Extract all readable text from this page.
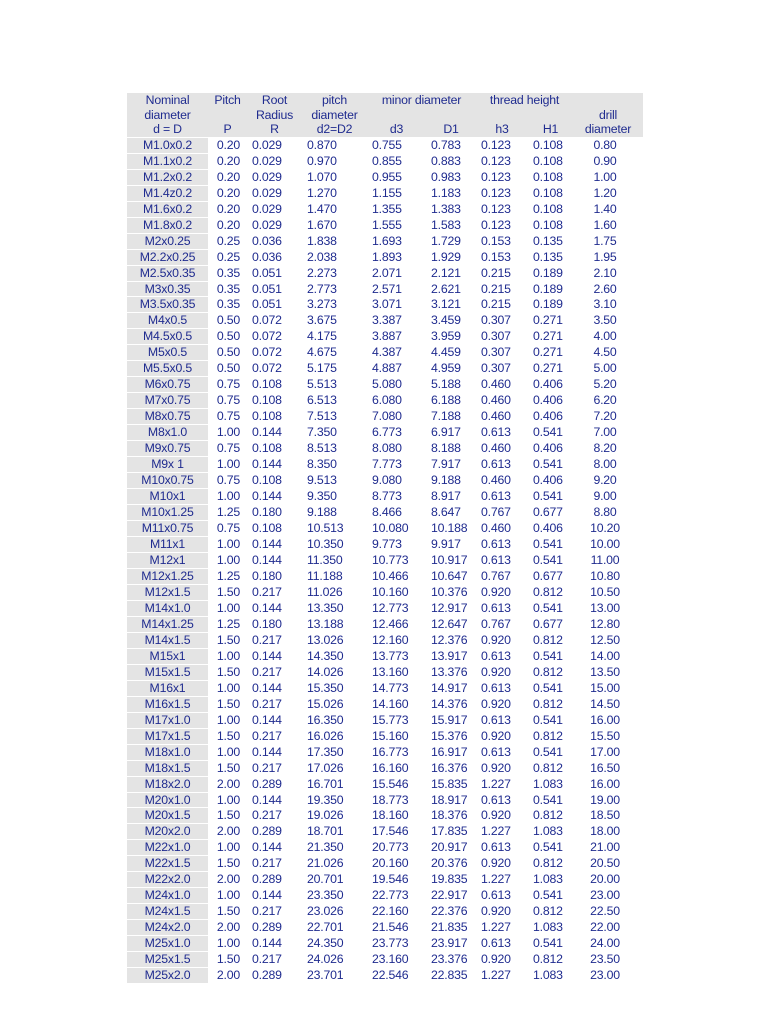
Nominal	Pitch	Root	pitch	minor diameter		thread height		
diameter		Radius	diameter					drill
d = D	P	R	d2=D2	d3	D1	h3	H1	diameter
M1.0x0.2	0.20	0.029	0.870	0.755	0.783	0.123	0.108	0.80
M1.1x0.2	0.20	0.029	0.970	0.855	0.883	0.123	0.108	0.90
M1.2x0.2	0.20	0.029	1.070	0.955	0.983	0.123	0.108	1.00
M1.4z0.2	0.20	0.029	1.270	1.155	1.183	0.123	0.108	1.20
M1.6x0.2	0.20	0.029	1.470	1.355	1.383	0.123	0.108	1.40
M1.8x0.2	0.20	0.029	1.670	1.555	1.583	0.123	0.108	1.60
M2x0.25	0.25	0.036	1.838	1.693	1.729	0.153	0.135	1.75
M2.2x0.25	0.25	0.036	2.038	1.893	1.929	0.153	0.135	1.95
M2.5x0.35	0.35	0.051	2.273	2.071	2.121	0.215	0.189	2.10
M3x0.35	0.35	0.051	2.773	2.571	2.621	0.215	0.189	2.60
M3.5x0.35	0.35	0.051	3.273	3.071	3.121	0.215	0.189	3.10
M4x0.5	0.50	0.072	3.675	3.387	3.459	0.307	0.271	3.50
M4.5x0.5	0.50	0.072	4.175	3.887	3.959	0.307	0.271	4.00
M5x0.5	0.50	0.072	4.675	4.387	4.459	0.307	0.271	4.50
M5.5x0.5	0.50	0.072	5.175	4.887	4.959	0.307	0.271	5.00
M6x0.75	0.75	0.108	5.513	5.080	5.188	0.460	0.406	5.20
M7x0.75	0.75	0.108	6.513	6.080	6.188	0.460	0.406	6.20
M8x0.75	0.75	0.108	7.513	7.080	7.188	0.460	0.406	7.20
M8x1.0	1.00	0.144	7.350	6.773	6.917	0.613	0.541	7.00
M9x0.75	0.75	0.108	8.513	8.080	8.188	0.460	0.406	8.20
M9x 1	1.00	0.144	8.350	7.773	7.917	0.613	0.541	8.00
M10x0.75	0.75	0.108	9.513	9.080	9.188	0.460	0.406	9.20
M10x1	1.00	0.144	9.350	8.773	8.917	0.613	0.541	9.00
M10x1.25	1.25	0.180	9.188	8.466	8.647	0.767	0.677	8.80
M11x0.75	0.75	0.108	10.513	10.080	10.188	0.460	0.406	10.20
M11x1	1.00	0.144	10.350	9.773	9.917	0.613	0.541	10.00
M12x1	1.00	0.144	11.350	10.773	10.917	0.613	0.541	11.00
M12x1.25	1.25	0.180	11.188	10.466	10.647	0.767	0.677	10.80
M12x1.5	1.50	0.217	11.026	10.160	10.376	0.920	0.812	10.50
M14x1.0	1.00	0.144	13.350	12.773	12.917	0.613	0.541	13.00
M14x1.25	1.25	0.180	13.188	12.466	12.647	0.767	0.677	12.80
M14x1.5	1.50	0.217	13.026	12.160	12.376	0.920	0.812	12.50
M15x1	1.00	0.144	14.350	13.773	13.917	0.613	0.541	14.00
M15x1.5	1.50	0.217	14.026	13.160	13.376	0.920	0.812	13.50
M16x1	1.00	0.144	15.350	14.773	14.917	0.613	0.541	15.00
M16x1.5	1.50	0.217	15.026	14.160	14.376	0.920	0.812	14.50
M17x1.0	1.00	0.144	16.350	15.773	15.917	0.613	0.541	16.00
M17x1.5	1.50	0.217	16.026	15.160	15.376	0.920	0.812	15.50
M18x1.0	1.00	0.144	17.350	16.773	16.917	0.613	0.541	17.00
M18x1.5	1.50	0.217	17.026	16.160	16.376	0.920	0.812	16.50
M18x2.0	2.00	0.289	16.701	15.546	15.835	1.227	1.083	16.00
M20x1.0	1.00	0.144	19.350	18.773	18.917	0.613	0.541	19.00
M20x1.5	1.50	0.217	19.026	18.160	18.376	0.920	0.812	18.50
M20x2.0	2.00	0.289	18.701	17.546	17.835	1.227	1.083	18.00
M22x1.0	1.00	0.144	21.350	20.773	20.917	0.613	0.541	21.00
M22x1.5	1.50	0.217	21.026	20.160	20.376	0.920	0.812	20.50
M22x2.0	2.00	0.289	20.701	19.546	19.835	1.227	1.083	20.00
M24x1.0	1.00	0.144	23.350	22.773	22.917	0.613	0.541	23.00
M24x1.5	1.50	0.217	23.026	22.160	22.376	0.920	0.812	22.50
M24x2.0	2.00	0.289	22.701	21.546	21.835	1.227	1.083	22.00
M25x1.0	1.00	0.144	24.350	23.773	23.917	0.613	0.541	24.00
M25x1.5	1.50	0.217	24.026	23.160	23.376	0.920	0.812	23.50
M25x2.0	2.00	0.289	23.701	22.546	22.835	1.227	1.083	23.00
